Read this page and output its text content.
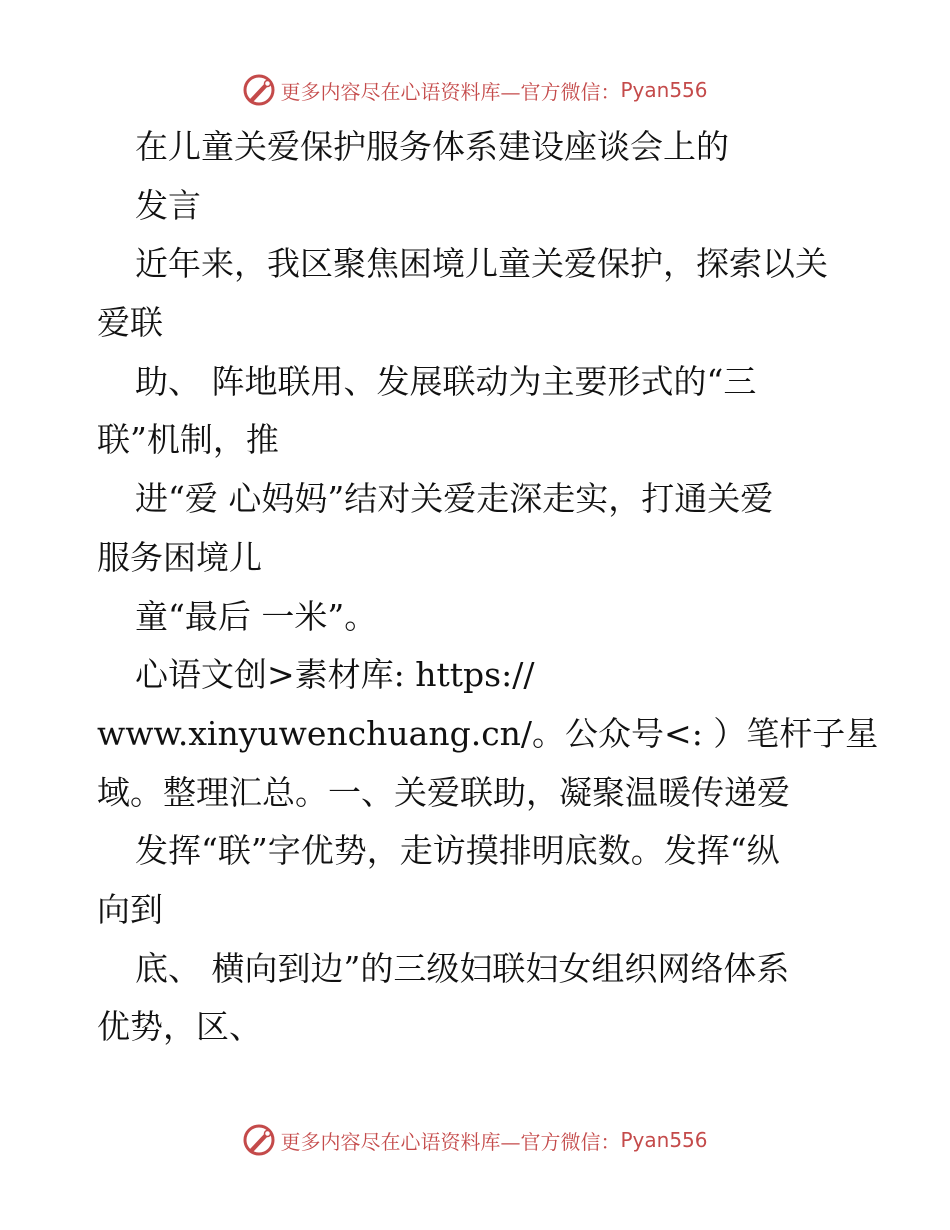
更多内容尽在心语资料库—官方微信： Pyan556
在儿童关爱保护服务体系建设座谈会上的
发言
近年来，我区聚焦困境儿童关爱保护，探索以关
爱联
助、 阵地联用、发展联动为主要形式的“三
联”机制，推
进“爱 心妈妈”结对关爱走深走实，打通关爱
服务困境儿
童“最后 一米”。
心语文创>素材库: https://
www.xinyuwenchuang.cn/。公众号<: ）笔杆子星
域。整理汇总。一、关爱联助，凝聚温暖传递爱
发挥“联”字优势，走访摸排明底数。发挥“纵
向到
底、 横向到边”的三级妇联妇女组织网络体系
优势，区、
更多内容尽在心语资料库—官方微信： Pyan556
